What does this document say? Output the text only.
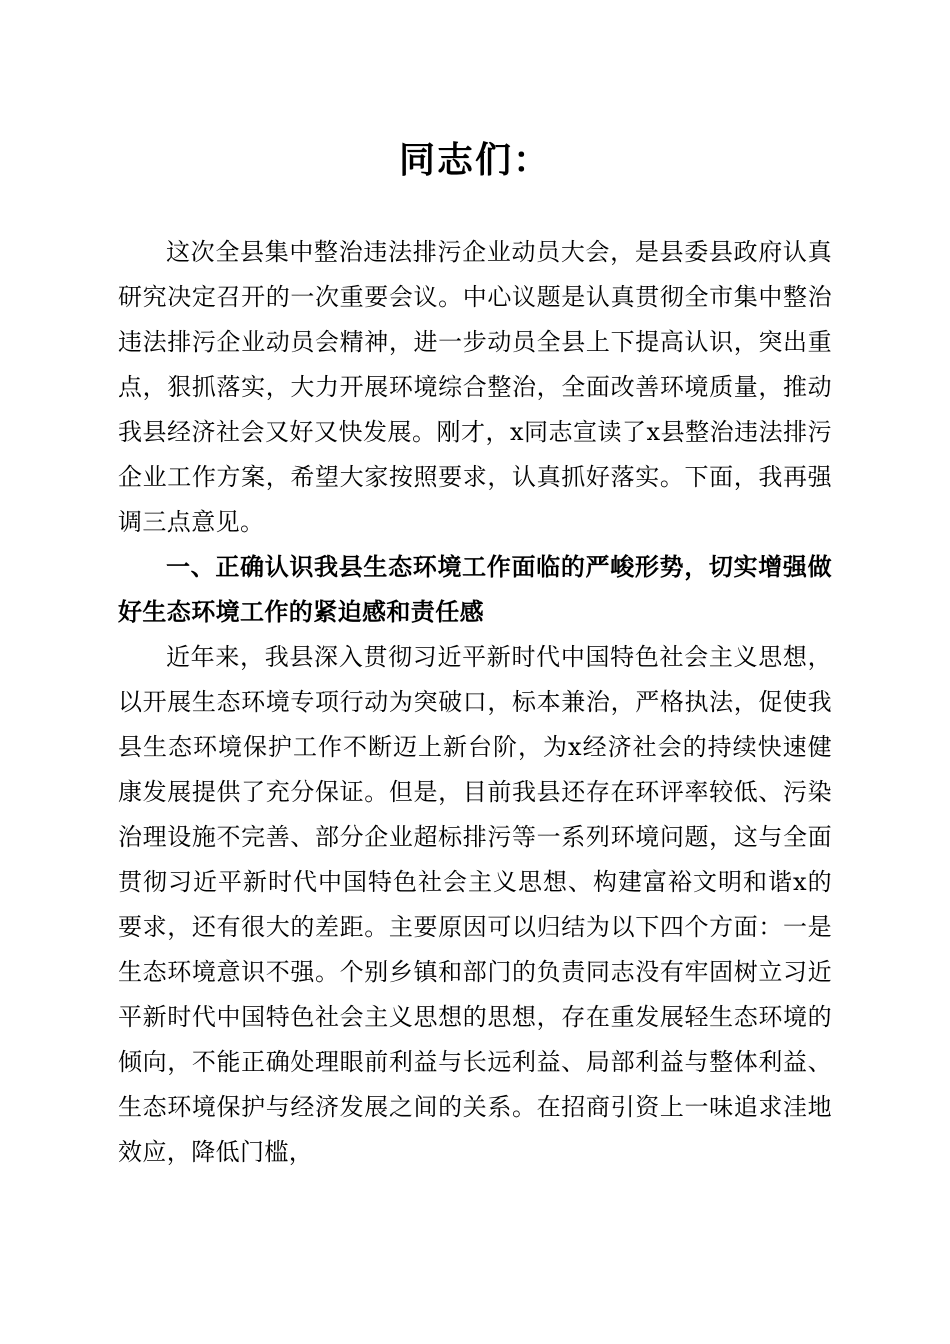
同志们：

这次全县集中整治违法排污企业动员大会，是县委县政府认真研究决定召开的一次重要会议。中心议题是认真贯彻全市集中整治违法排污企业动员会精神，进一步动员全县上下提高认识，突出重点，狠抓落实，大力开展环境综合整治，全面改善环境质量，推动我县经济社会又好又快发展。刚才，x同志宣读了x县整治违法排污企业工作方案，希望大家按照要求，认真抓好落实。下面，我再强调三点意见。

一、正确认识我县生态环境工作面临的严峻形势，切实增强做好生态环境工作的紧迫感和责任感

近年来，我县深入贯彻习近平新时代中国特色社会主义思想，以开展生态环境专项行动为突破口，标本兼治，严格执法，促使我县生态环境保护工作不断迈上新台阶，为x经济社会的持续快速健康发展提供了充分保证。但是，目前我县还存在环评率较低、污染治理设施不完善、部分企业超标排污等一系列环境问题，这与全面贯彻习近平新时代中国特色社会主义思想、构建富裕文明和谐x的要求，还有很大的差距。主要原因可以归结为以下四个方面：一是生态环境意识不强。个别乡镇和部门的负责同志没有牢固树立习近平新时代中国特色社会主义思想的思想，存在重发展轻生态环境的倾向，不能正确处理眼前利益与长远利益、局部利益与整体利益、生态环境保护与经济发展之间的关系。在招商引资上一味追求洼地效应，降低门槛，
